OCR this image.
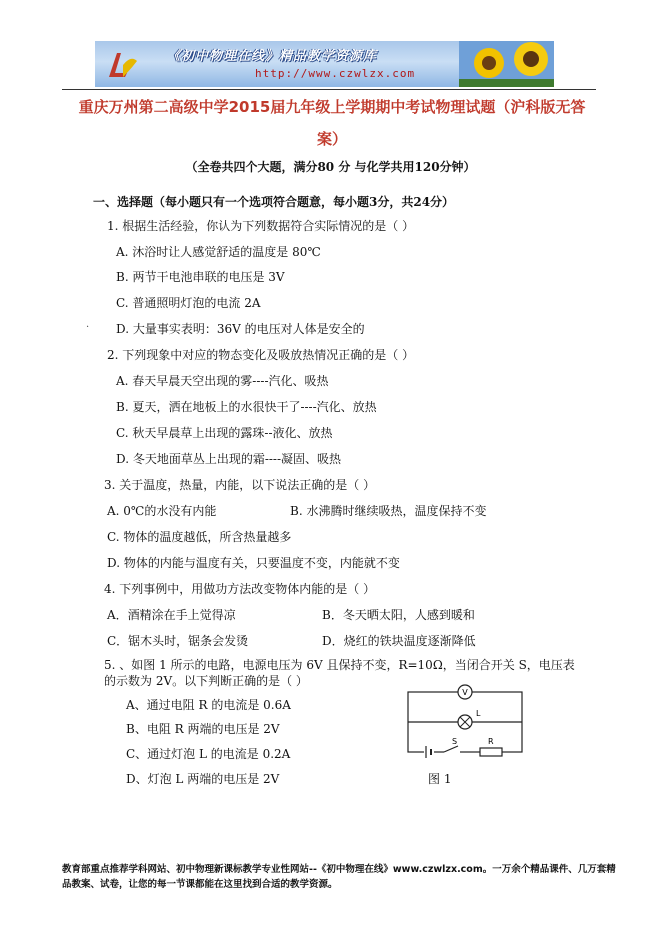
《初中物理在线》精品教学资源库
http://www.czwlzx.com
重庆万州第二高级中学2015届九年级上学期期中考试物理试题（沪科版无答
案）
（全卷共四个大题，满分80 分 与化学共用120分钟）
一、选择题（每小题只有一个选项符合题意，每小题3分，共24分）
1. 根据生活经验，你认为下列数据符合实际情况的是（ ）
A. 沐浴时让人感觉舒适的温度是 80℃
B. 两节干电池串联的电压是 3V
C. 普通照明灯泡的电流 2A
· D. 大量事实表明：36V 的电压对人体是安全的
2. 下列现象中对应的物态变化及吸放热情况正确的是（ ）
A. 春天早晨天空出现的雾----汽化、吸热
B. 夏天，洒在地板上的水很快干了----汽化、放热
C. 秋天早晨草上出现的露珠--液化、放热
D. 冬天地面草丛上出现的霜----凝固、吸热
3. 关于温度，热量，内能，以下说法正确的是（ ）
A. 0℃的水没有内能	B. 水沸腾时继续吸热，温度保持不变
C. 物体的温度越低，所含热量越多
D. 物体的内能与温度有关，只要温度不变，内能就不变
4. 下列事例中，用做功方法改变物体内能的是（ ）
A．酒精涂在手上觉得凉	B．冬天晒太阳，人感到暖和
C．锯木头时，锯条会发烫	D．烧红的铁块温度逐渐降低
5. 、如图 1 所示的电路，电源电压为 6V 且保持不变，R=10Ω，当闭合开关 S，电压表
的示数为 2V。以下判断正确的是（ ）
A、通过电阻 R 的电流是 0.6A
B、电阻 R 两端的电压是 2V
C、通过灯泡 L 的电流是 0.2A
D、灯泡 L 两端的电压是 2V
V
L
S	R
图 1
教育部重点推荐学科网站、初中物理新课标教学专业性网站--《初中物理在线》www.czwlzx.com。一万余个精品课件、几万套精品教案、试卷，让您的每一节课都能在这里找到合适的教学资源。
